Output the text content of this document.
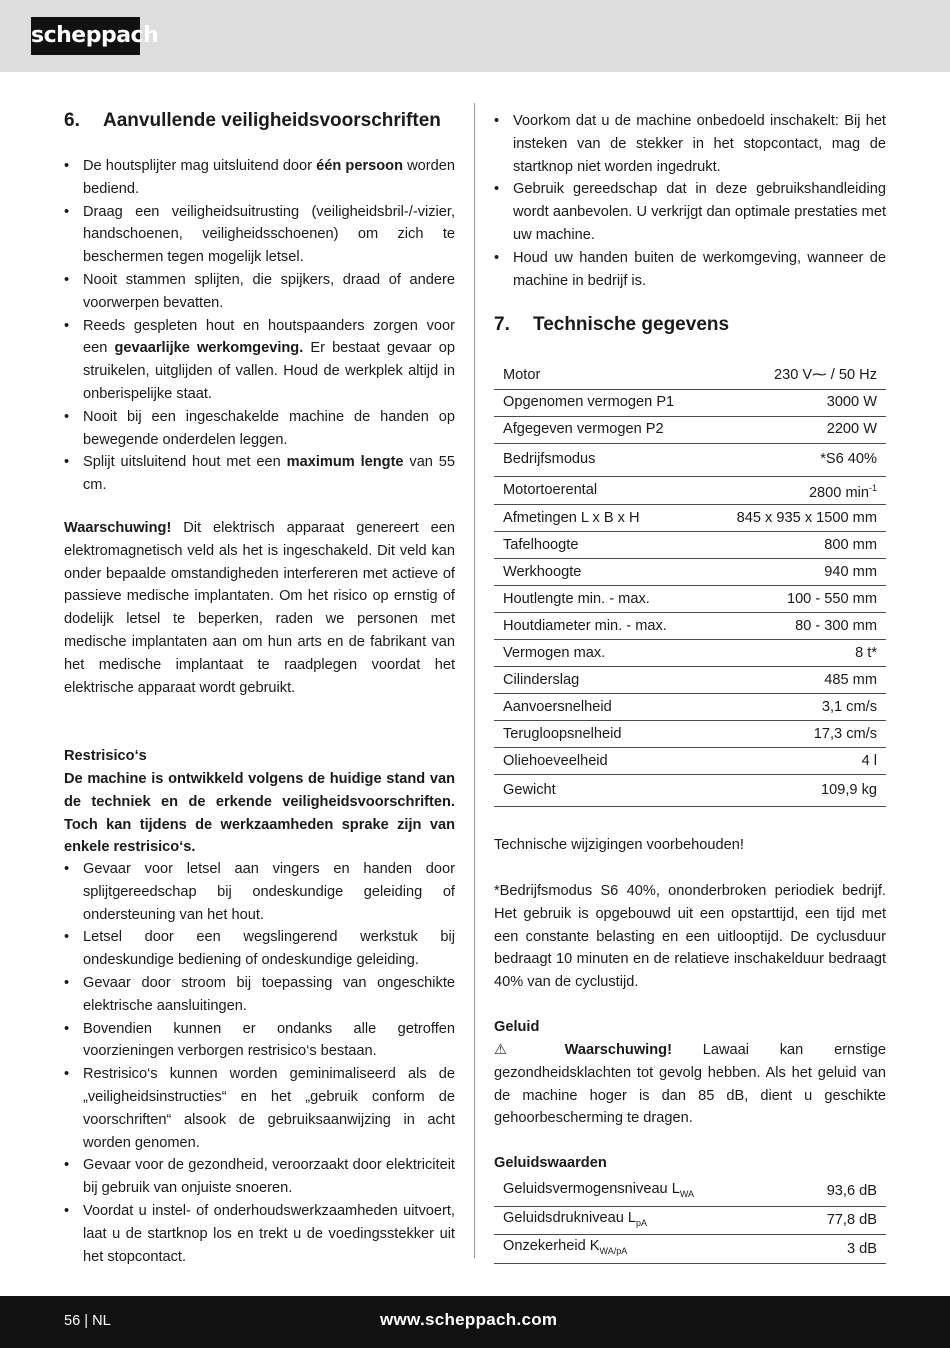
scheppach
6. Aanvullende veiligheidsvoorschriften
• De houtsplijter mag uitsluitend door één persoon worden bediend.
• Draag een veiligheidsuitrusting (veiligheidsbril-/-vizier, handschoenen, veiligheidsschoenen) om zich te beschermen tegen mogelijk letsel.
• Nooit stammen splijten, die spijkers, draad of andere voorwerpen bevatten.
• Reeds gespleten hout en houtspaanders zorgen voor een gevaarlijke werkomgeving. Er bestaat gevaar op struikelen, uitglijden of vallen. Houd de werkplek altijd in onberispelijke staat.
• Nooit bij een ingeschakelde machine de handen op bewegende onderdelen leggen.
• Splijt uitsluitend hout met een maximum lengte van 55 cm.

Waarschuwing! Dit elektrisch apparaat genereert een elektromagnetisch veld als het is ingeschakeld. Dit veld kan onder bepaalde omstandigheden interfereren met actieve of passieve medische implantaten. Om het risico op ernstig of dodelijk letsel te beperken, raden we personen met medische implantaten aan om hun arts en de fabrikant van het medische implantaat te raadplegen voordat het elektrische apparaat wordt gebruikt.

Restrisico‘s

De machine is ontwikkeld volgens de huidige stand van de techniek en de erkende veiligheidsvoorschriften. Toch kan tijdens de werkzaamheden sprake zijn van enkele restrisico‘s.

• Gevaar voor letsel aan vingers en handen door splijtgereedschap bij ondeskundige geleiding of ondersteuning van het hout.
• Letsel door een wegslingerend werkstuk bij ondeskundige bediening of ondeskundige geleiding.
• Gevaar door stroom bij toepassing van ongeschikte elektrische aansluitingen.
• Bovendien kunnen er ondanks alle getroffen voorzieningen verborgen restrisico‘s bestaan.
• Restrisico‘s kunnen worden geminimaliseerd als de „veiligheidsinstructies“ en het „gebruik conform de voorschriften“ alsook de gebruiksaanwijzing in acht worden genomen.
• Gevaar voor de gezondheid, veroorzaakt door elektriciteit bij gebruik van onjuiste snoeren.
• Voordat u instel- of onderhoudswerkzaamheden uitvoert, laat u de startknop los en trekt u de voedingsstekker uit het stopcontact.
• Voorkom dat u de machine onbedoeld inschakelt: Bij het insteken van de stekker in het stopcontact, mag de startknop niet worden ingedrukt.
• Gebruik gereedschap dat in deze gebruikshandleiding wordt aanbevolen. U verkrijgt dan optimale prestaties met uw machine.
• Houd uw handen buiten de werkomgeving, wanneer de machine in bedrijf is.
7. Technische gegevens
Motor	230 V⁓ / 50 Hz
Opgenomen vermogen P1	3000 W
Afgegeven vermogen P2	2200 W
Bedrijfsmodus	*S6 40%
Motortoerental	2800 $\min^{-1}$
Afmetingen L x B x H	845 x 935 x 1500 mm
Tafelhoogte	800 mm
Werkhoogte	940 mm
Houtlengte min. - max.	100 - 550 mm
Houtdiameter min. - max.	80 - 300 mm
Vermogen max.	8 t*
Cilinderslag	485 mm
Aanvoersnelheid	3,1 cm/s
Terugloopsnelheid	17,3 cm/s
Oliehoeveelheid	4 l
Gewicht	109,9 kg

Technische wijzigingen voorbehouden!

*Bedrijfsmodus S6 40%, ononderbroken periodiek bedrijf. Het gebruik is opgebouwd uit een opstarttijd, een tijd met een constante belasting en een uitlooptijd. De cyclusduur bedraagt 10 minuten en de relatieve inschakelduur bedraagt 40% van de cyclustijd.

Geluid

⚠ Waarschuwing! Lawaai kan ernstige gezondheidsklachten tot gevolg hebben. Als het geluid van de machine hoger is dan 85 dB, dient u geschikte gehoorbescherming te dragen.

Geluidswaarden

Geluidsvermogensniveau $L_{WA}$	93,6 dB
Geluidsdrukniveau $L_{pA}$	77,8 dB
Onzekerheid $K_{WA/pA}$	3 dB
56 | NL	www.scheppach.com
